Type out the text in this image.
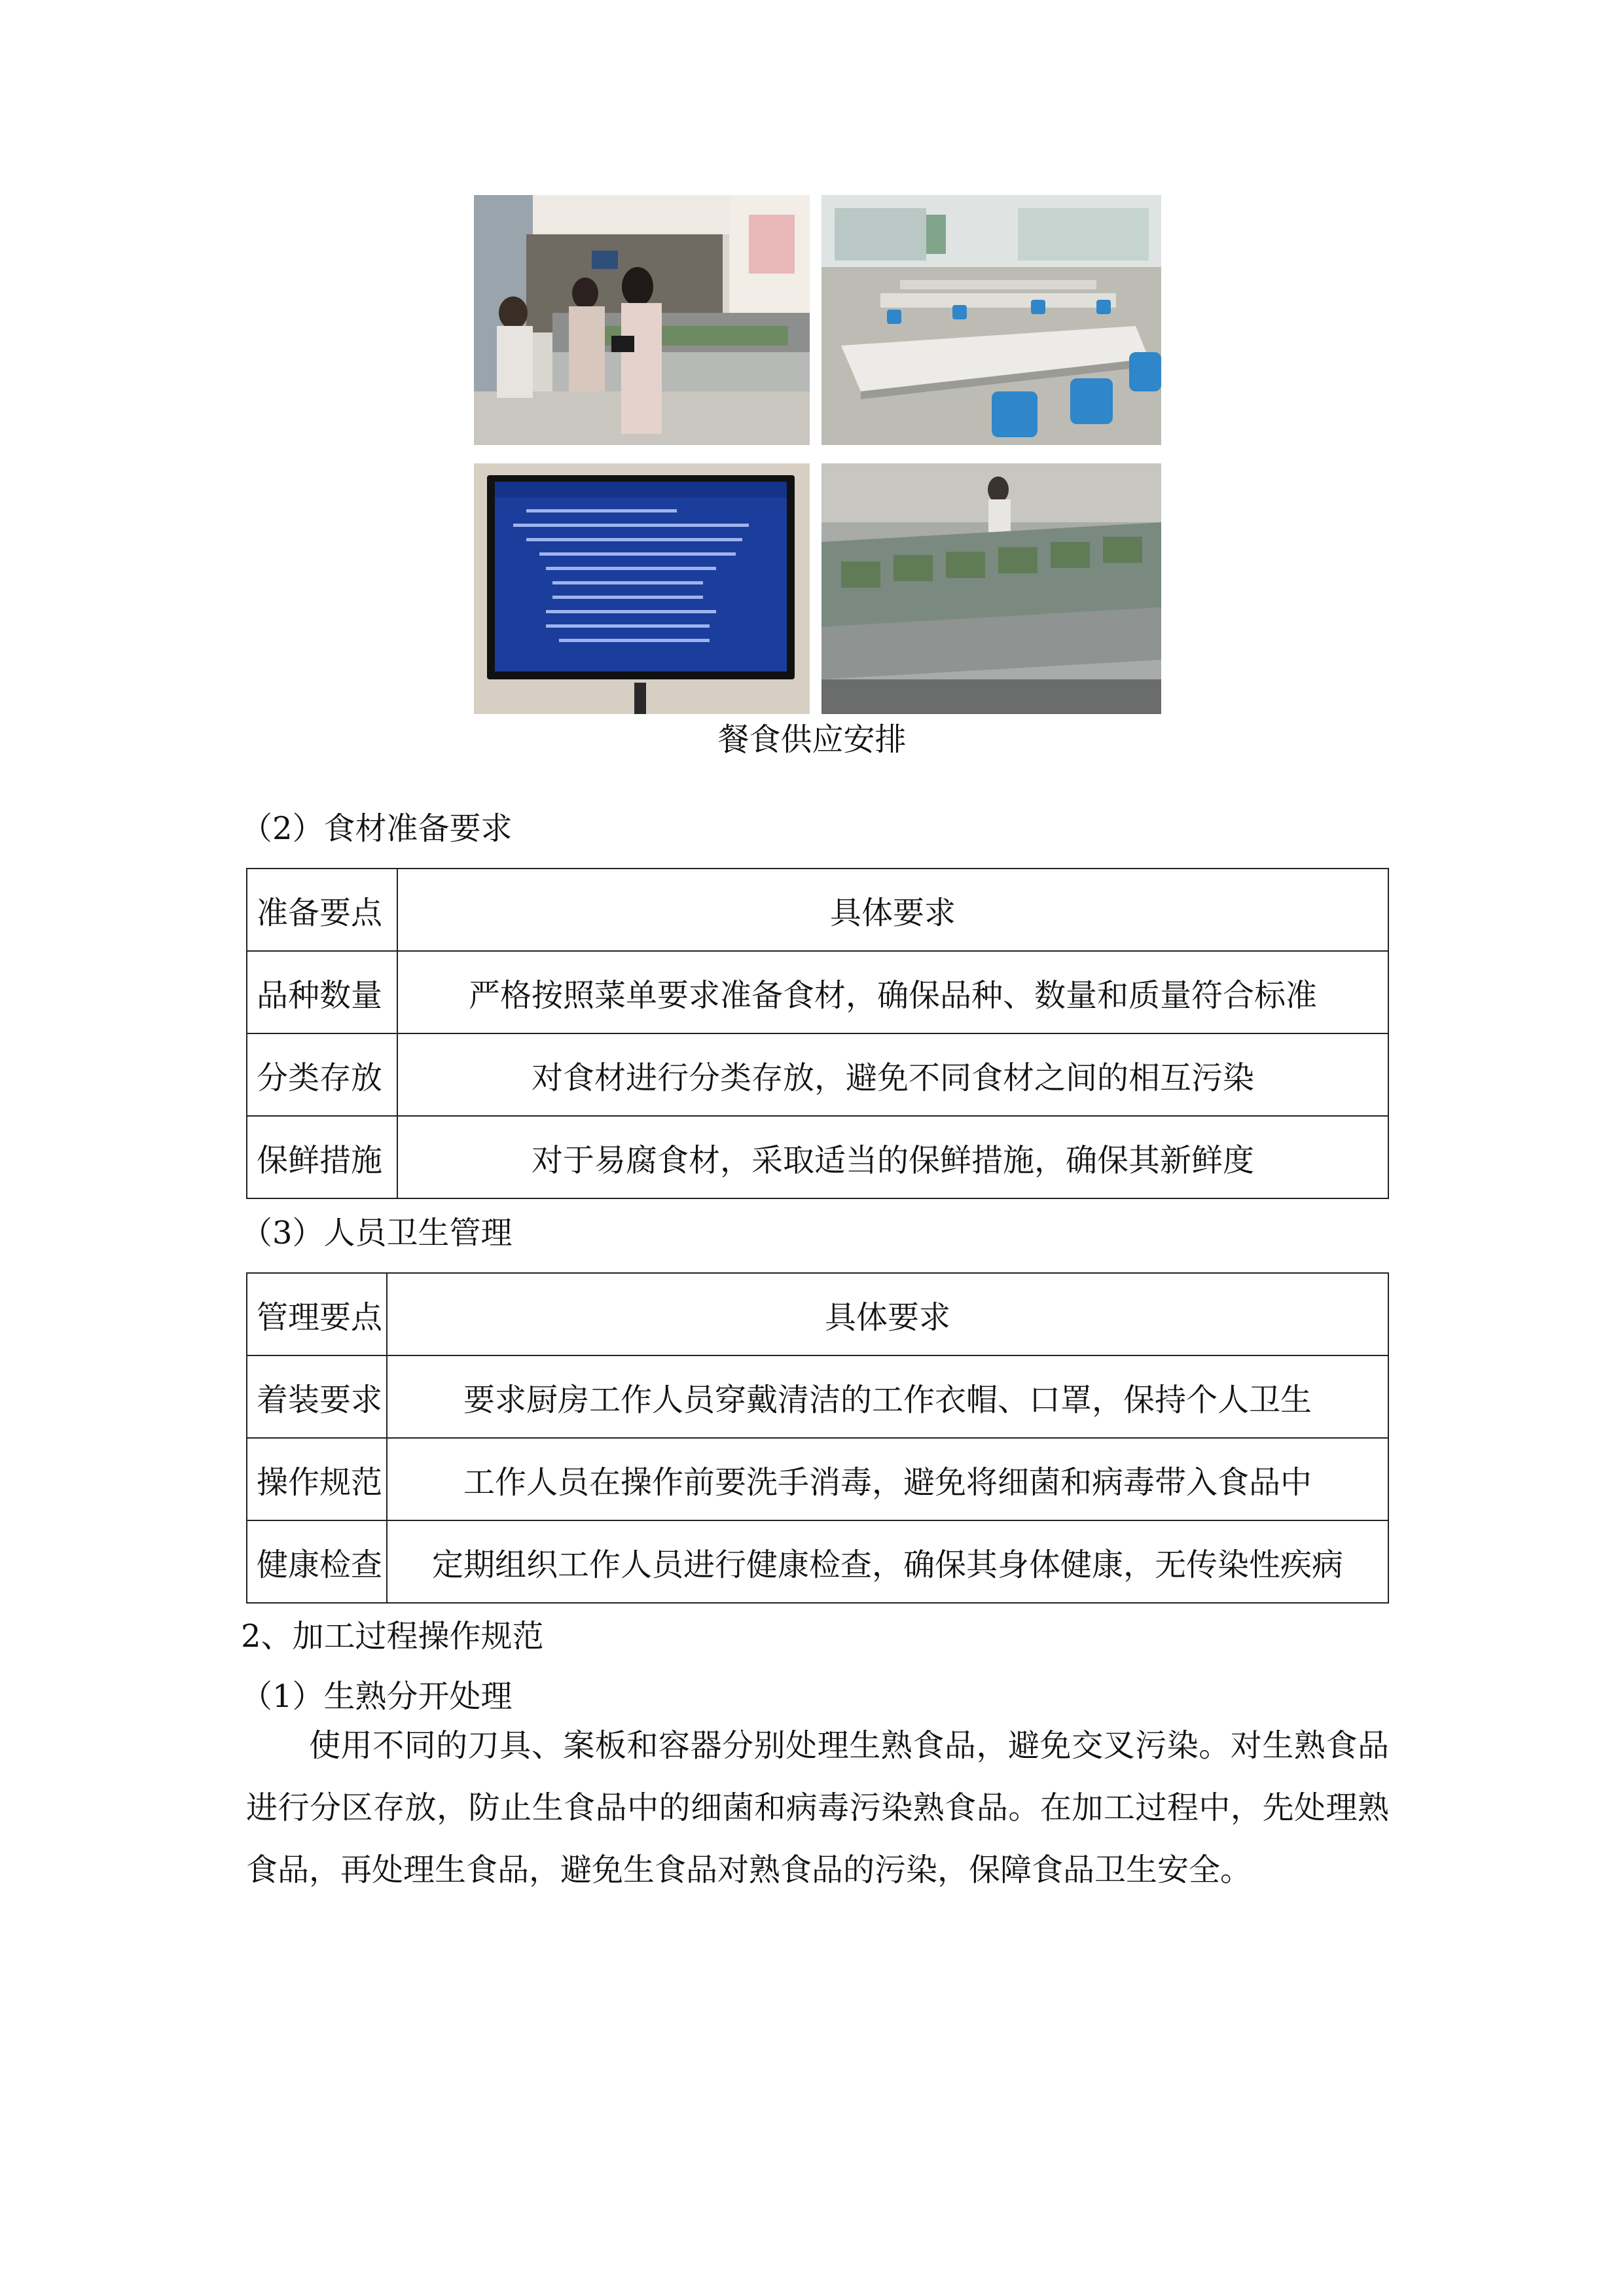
餐食供应安排
（2）食材准备要求
准备要点	具体要求
品种数量	严格按照菜单要求准备食材，确保品种、数量和质量符合标准
分类存放	对食材进行分类存放，避免不同食材之间的相互污染
保鲜措施	对于易腐食材，采取适当的保鲜措施，确保其新鲜度
（3）人员卫生管理
管理要点	具体要求
着装要求	要求厨房工作人员穿戴清洁的工作衣帽、口罩，保持个人卫生
操作规范	工作人员在操作前要洗手消毒，避免将细菌和病毒带入食品中
健康检查	定期组织工作人员进行健康检查，确保其身体健康，无传染性疾病
2、加工过程操作规范
（1）生熟分开处理
使用不同的刀具、案板和容器分别处理生熟食品，避免交叉污染。对生熟食品进行分区存放，防止生食品中的细菌和病毒污染熟食品。在加工过程中，先处理熟食品，再处理生食品，避免生食品对熟食品的污染，保障食品卫生安全。
